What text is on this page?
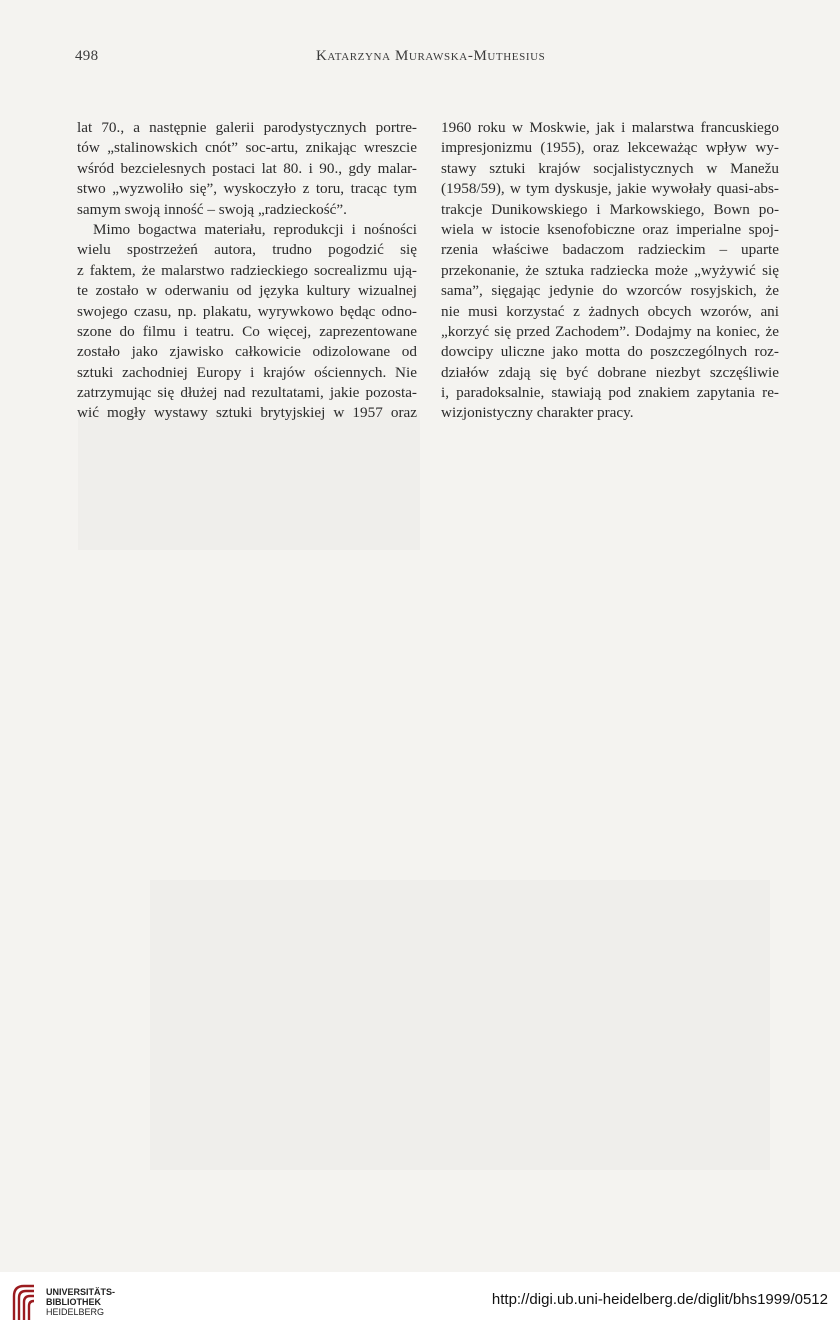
498	Katarzyna Murawska-Muthesius
lat 70., a następnie galerii parodystycznych portre-
tów „stalinowskich cnót” soc-artu, znikając wreszcie
wśród bezcielesnych postaci lat 80. i 90., gdy malar-
stwo „wyzwoliło się”, wyskoczyło z toru, tracąc tym
samym swoją inność – swoją „radzieckość”.
Mimo bogactwa materiału, reprodukcji i nośności
wielu spostrzeżeń autora, trudno pogodzić się
z faktem, że malarstwo radzieckiego socrealizmu ują-
te zostało w oderwaniu od języka kultury wizualnej
swojego czasu, np. plakatu, wyrywkowo będąc odno-
szone do filmu i teatru. Co więcej, zaprezentowane
zostało jako zjawisko całkowicie odizolowane od
sztuki zachodniej Europy i krajów ościennych. Nie
zatrzymując się dłużej nad rezultatami, jakie pozosta-
wić mogły wystawy sztuki brytyjskiej w 1957 oraz
1960 roku w Moskwie, jak i malarstwa francuskiego
impresjonizmu (1955), oraz lekceważąc wpływ wy-
stawy sztuki krajów socjalistycznych w Manežu
(1958/59), w tym dyskusje, jakie wywołały quasi-abs-
trakcje Dunikowskiego i Markowskiego, Bown po-
wiela w istocie ksenofobiczne oraz imperialne spoj-
rzenia właściwe badaczom radzieckim – uparte
przekonanie, że sztuka radziecka może „wyżywić się
sama”, sięgając jedynie do wzorców rosyjskich, że
nie musi korzystać z żadnych obcych wzorów, ani
„korzyć się przed Zachodem”. Dodajmy na koniec, że
dowcipy uliczne jako motta do poszczególnych roz-
działów zdają się być dobrane niezbyt szczęśliwie
i, paradoksalnie, stawiają pod znakiem zapytania re-
wizjonistyczny charakter pracy.
UNIVERSITÄTS-
BIBLIOTHEK
HEIDELBERG
http://digi.ub.uni-heidelberg.de/diglit/bhs1999/0512
